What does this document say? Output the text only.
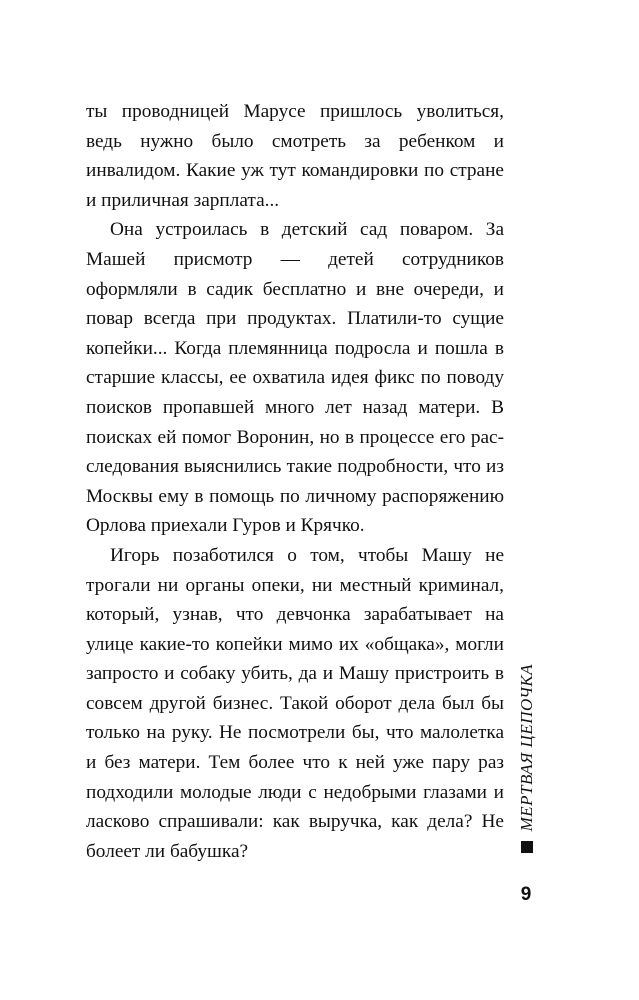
ты проводницей Марусе пришлось уволиться, ведь нужно было смотреть за ребенком и инвалидом. Какие уж тут командировки по стране и приличная зарплата...

Она устроилась в детский сад поваром. За Машей присмотр — детей сотрудников оформляли в садик бесплатно и вне очереди, и повар всегда при продуктах. Платили-то сущие копейки... Когда племянница подросла и пошла в старшие классы, ее охватила идея фикс по поводу поисков пропавшей много лет назад матери. В поисках ей помог Воронин, но в процессе его расследования выяснились такие подробности, что из Москвы ему в помощь по личному распоряжению Орлова приехали Гуров и Крячко.

Игорь позаботился о том, чтобы Машу не трогали ни органы опеки, ни местный криминал, который, узнав, что девчонка зарабатывает на улице какие-то копейки мимо их «общака», могли запросто и собаку убить, да и Машу пристроить в совсем другой бизнес. Такой оборот дела был бы только на руку. Не посмотрели бы, что малолетка и без матери. Тем более что к ней уже пару раз подходили молодые люди с недобрыми глазами и ласково спрашивали: как выручка, как дела? Не болеет ли бабушка?

МЕРТВАЯ ЦЕПОЧКА
9
